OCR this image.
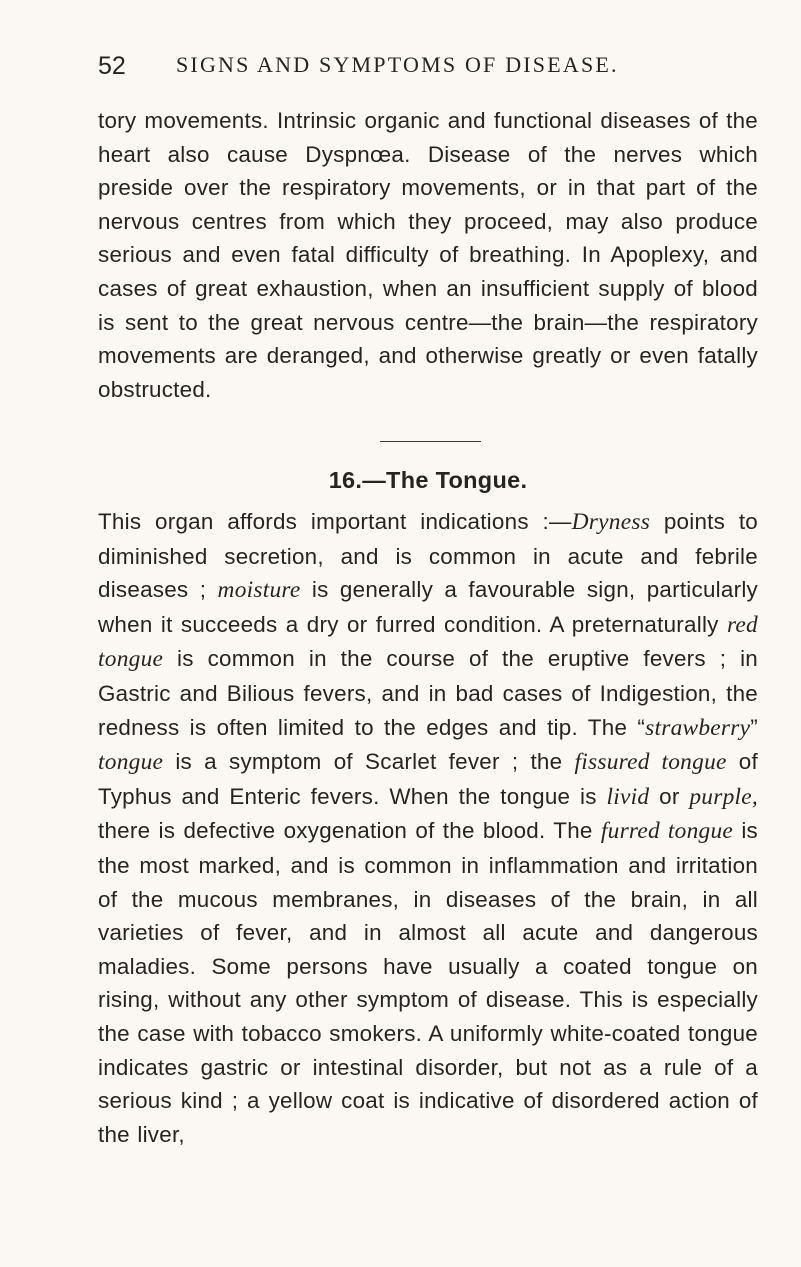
52 SIGNS AND SYMPTOMS OF DISEASE.

tory movements. Intrinsic organic and functional diseases of the heart also cause Dyspnœa. Disease of the nerves which preside over the respiratory movements, or in that part of the nervous centres from which they proceed, may also produce serious and even fatal difficulty of breathing. In Apoplexy, and cases of great exhaustion, when an insufficient supply of blood is sent to the great nervous centre—the brain—the respiratory movements are deranged, and otherwise greatly or even fatally obstructed.

16.—The Tongue.

This organ affords important indications :—Dryness points to diminished secretion, and is common in acute and febrile diseases ; moisture is generally a favourable sign, particularly when it succeeds a dry or furred condition. A preternaturally red tongue is common in the course of the eruptive fevers ; in Gastric and Bilious fevers, and in bad cases of Indigestion, the redness is often limited to the edges and tip. The “strawberry” tongue is a symptom of Scarlet fever ; the fissured tongue of Typhus and Enteric fevers. When the tongue is livid or purple, there is defective oxygenation of the blood. The furred tongue is the most marked, and is common in inflammation and irritation of the mucous membranes, in diseases of the brain, in all varieties of fever, and in almost all acute and dangerous maladies. Some persons have usually a coated tongue on rising, without any other symptom of disease. This is especially the case with tobacco smokers. A uniformly white-coated tongue indicates gastric or intestinal disorder, but not as a rule of a serious kind ; a yellow coat is indicative of disordered action of the liver,
